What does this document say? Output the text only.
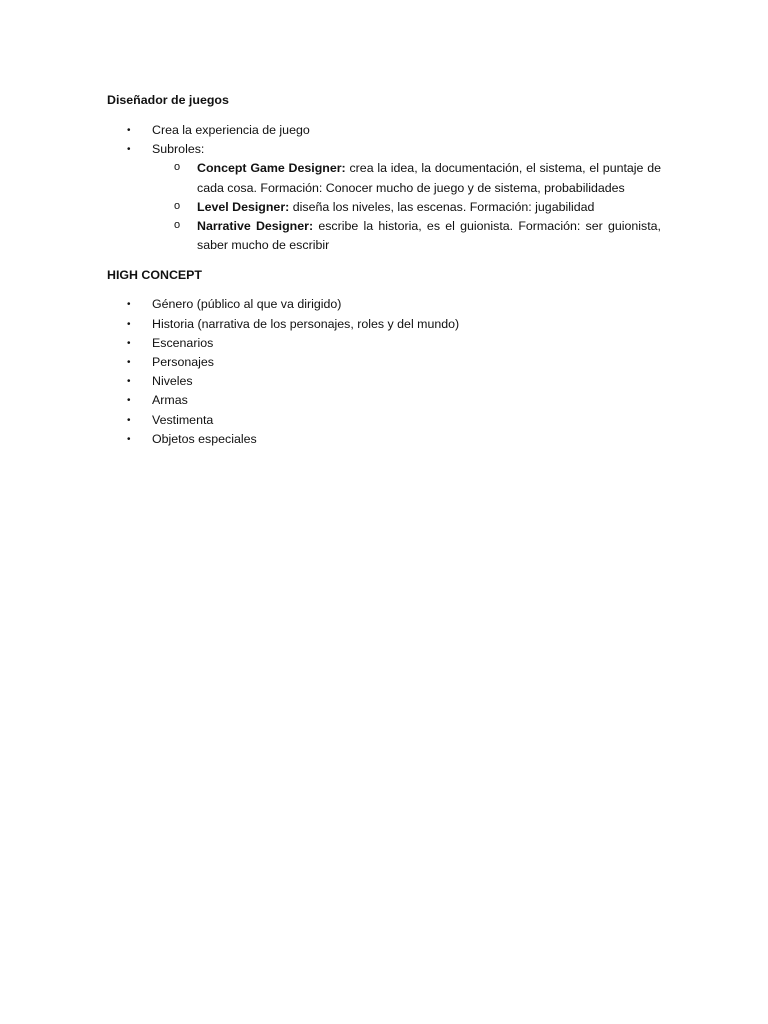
Diseñador de juegos

• Crea la experiencia de juego
• Subroles:
o Concept Game Designer: crea la idea, la documentación, el sistema, el puntaje de cada cosa. Formación: Conocer mucho de juego y de sistema, probabilidades
o Level Designer: diseña los niveles, las escenas. Formación: jugabilidad
o Narrative Designer: escribe la historia, es el guionista. Formación: ser guionista, saber mucho de escribir

HIGH CONCEPT

• Género (público al que va dirigido)
• Historia (narrativa de los personajes, roles y del mundo)
• Escenarios
• Personajes
• Niveles
• Armas
• Vestimenta
• Objetos especiales
